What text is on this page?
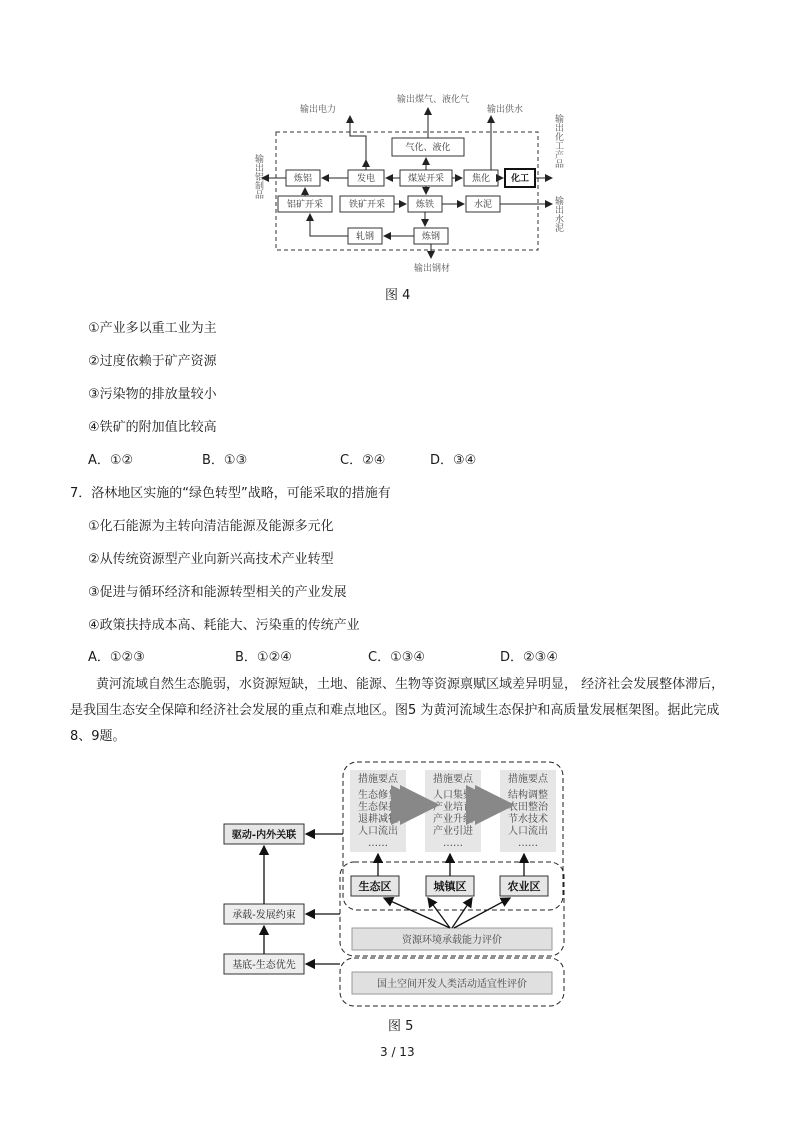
输出电力
输出煤气、液化气
输出供水
输出铝制品
输出化工产品
输出水泥
输出钢材
气化、液化
炼铝	发电	煤炭开采	焦化 化工
铝矿开采	铁矿开采	炼铁	水泥
轧钢	炼钢
图 4
①产业多以重工业为主
②过度依赖于矿产资源
③污染物的排放量较小
④铁矿的附加值比较高
A．①②	B．①③	C．②④	D．③④
7．洛林地区实施的“绿色转型”战略，可能采取的措施有
①化石能源为主转向清洁能源及能源多元化
②从传统资源型产业向新兴高技术产业转型
③促进与循环经济和能源转型相关的产业发展
④政策扶持成本高、耗能大、污染重的传统产业
A．①②③	B．①②④	C．①③④	D．②③④
黄河流域自然生态脆弱，水资源短缺，土地、能源、生物等资源禀赋区域差异明显， 经济社会发展整体滞后，是我国生态安全保障和经济社会发展的重点和难点地区。图5 为黄河流域生态保护和高质量发展框架图。据此完成8、9题。
措施要点
生态修复
生态保护
退耕减牧
人口流出
……
措施要点
人口集聚
产业培育
产业升级
产业引进
……
措施要点
结构调整
农田整治
节水技术
人口流出
……
生态区	城镇区	农业区
资源环境承载能力评价
国土空间开发人类活动适宜性评价
驱动-内外关联
承载-发展约束
基底-生态优先
图 5
3 / 13
